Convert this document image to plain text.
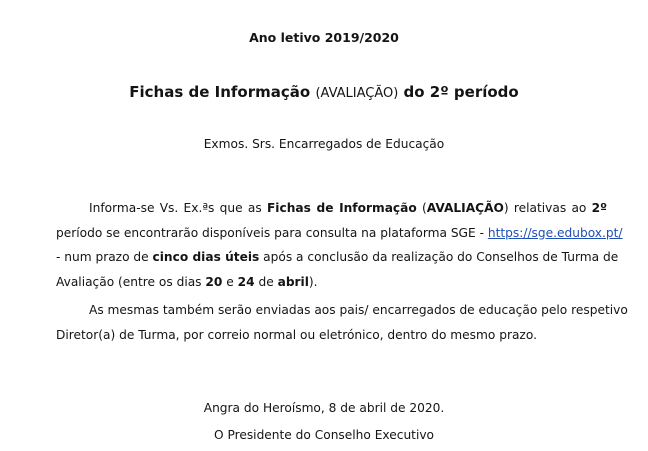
Ano letivo 2019/2020
Fichas de Informação (AVALIAÇÃO) do 2º período
Exmos. Srs. Encarregados de Educação
Informa-se Vs. Ex.ªs que as Fichas de Informação (AVALIAÇÃO) relativas ao 2º
período se encontrarão disponíveis para consulta na plataforma SGE - https://sge.edubox.pt/
- num prazo de cinco dias úteis após a conclusão da realização do Conselhos de Turma de
Avaliação (entre os dias 20 e 24 de abril).
As mesmas também serão enviadas aos pais/ encarregados de educação pelo respetivo
Diretor(a) de Turma, por correio normal ou eletrónico, dentro do mesmo prazo.
Angra do Heroísmo, 8 de abril de 2020.
O Presidente do Conselho Executivo
